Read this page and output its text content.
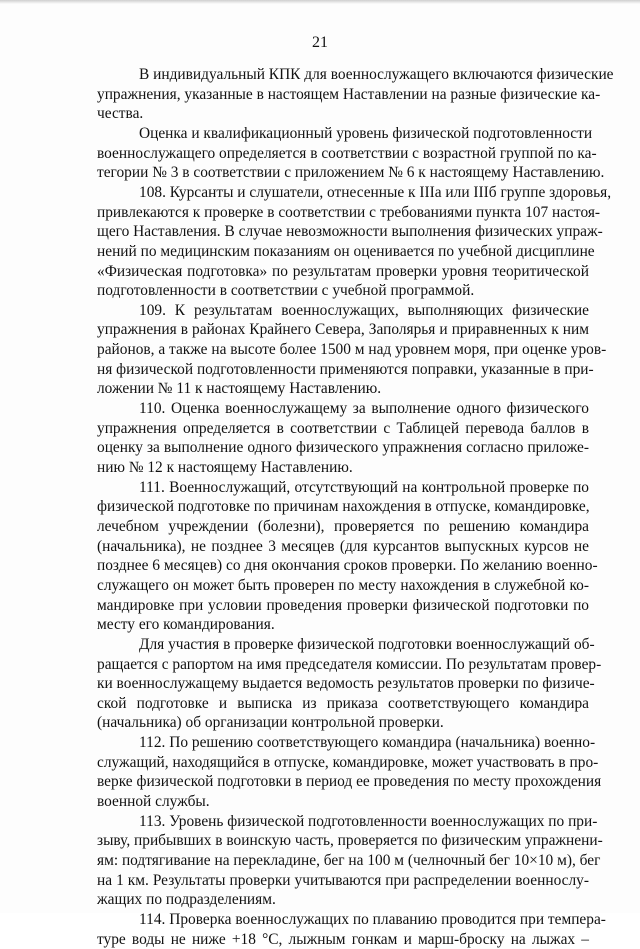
21
В индивидуальный КПК для военнослужащего включаются физические
упражнения, указанные в настоящем Наставлении на разные физические ка-
чества.
Оценка и квалификационный уровень физической подготовленности
военнослужащего определяется в соответствии с возрастной группой по ка-
тегории № 3 в соответствии с приложением № 6 к настоящему Наставлению.
108. Курсанты и слушатели, отнесенные к IIIа или IIIб группе здоровья,
привлекаются к проверке в соответствии с требованиями пункта 107 настоя-
щего Наставления. В случае невозможности выполнения физических упраж-
нений по медицинским показаниям он оценивается по учебной дисциплине
«Физическая подготовка» по результатам проверки уровня теоритической
подготовленности в соответствии с учебной программой.
109. К результатам военнослужащих, выполняющих физические
упражнения в районах Крайнего Севера, Заполярья и приравненных к ним
районов, а также на высоте более 1500 м над уровнем моря, при оценке уров-
ня физической подготовленности применяются поправки, указанные в при-
ложении № 11 к настоящему Наставлению.
110. Оценка военнослужащему за выполнение одного физического
упражнения определяется в соответствии с Таблицей перевода баллов в
оценку за выполнение одного физического упражнения согласно приложе-
нию № 12 к настоящему Наставлению.
111. Военнослужащий, отсутствующий на контрольной проверке по
физической подготовке по причинам нахождения в отпуске, командировке,
лечебном учреждении (болезни), проверяется по решению командира
(начальника), не позднее 3 месяцев (для курсантов выпускных курсов не
позднее 6 месяцев) со дня окончания сроков проверки. По желанию военно-
служащего он может быть проверен по месту нахождения в служебной ко-
мандировке при условии проведения проверки физической подготовки по
месту его командирования.
Для участия в проверке физической подготовки военнослужащий об-
ращается с рапортом на имя председателя комиссии. По результатам провер-
ки военнослужащему выдается ведомость результатов проверки по физиче-
ской подготовке и выписка из приказа соответствующего командира
(начальника) об организации контрольной проверки.
112. По решению соответствующего командира (начальника) военно-
служащий, находящийся в отпуске, командировке, может участвовать в про-
верке физической подготовки в период ее проведения по месту прохождения
военной службы.
113. Уровень физической подготовленности военнослужащих по при-
зыву, прибывших в воинскую часть, проверяется по физическим упражнени-
ям: подтягивание на перекладине, бег на 100 м (челночный бег 10×10 м), бег
на 1 км. Результаты проверки учитываются при распределении военнослу-
жащих по подразделениям.
114. Проверка военнослужащих по плаванию проводится при темпера-
туре воды не ниже +18 °С, лыжным гонкам и марш-броску на лыжах –
